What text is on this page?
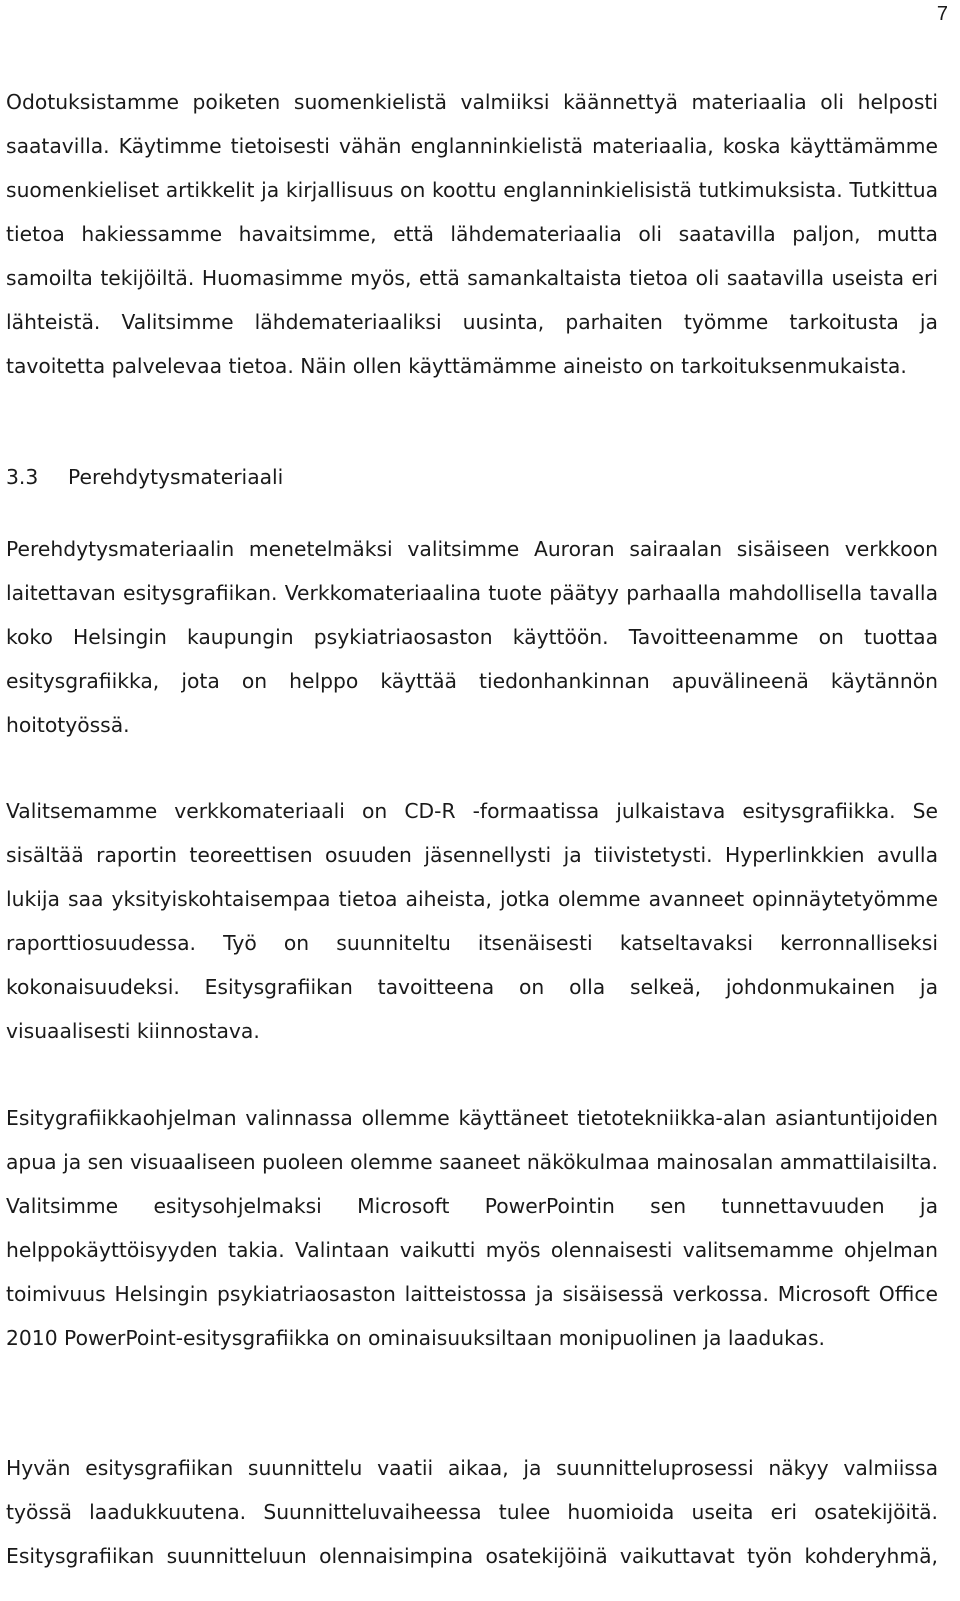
7

Odotuksistamme poiketen suomenkielistä valmiiksi käännettyä materiaalia oli helposti saatavilla. Käytimme tietoisesti vähän englanninkielistä materiaalia, koska käyttämämme suomenkieliset artikkelit ja kirjallisuus on koottu englanninkielisistä tutkimuksista. Tutkittua tietoa hakiessamme havaitsimme, että lähdemateriaalia oli saatavilla paljon, mutta samoilta tekijöiltä. Huomasimme myös, että samankaltaista tietoa oli saatavilla useista eri lähteistä. Valitsimme lähdemateriaaliksi uusinta, parhaiten työmme tarkoitusta ja tavoitetta palvelevaa tietoa. Näin ollen käyttämämme aineisto on tarkoituksenmukaista.

3.3 Perehdytysmateriaali

Perehdytysmateriaalin menetelmäksi valitsimme Auroran sairaalan sisäiseen verkkoon laitettavan esitysgrafiikan. Verkkomateriaalina tuote päätyy parhaalla mahdollisella tavalla koko Helsingin kaupungin psykiatriaosaston käyttöön. Tavoitteenamme on tuottaa esitysgrafiikka, jota on helppo käyttää tiedonhankinnan apuvälineenä käytännön hoitotyössä.

Valitsemamme verkkomateriaali on CD-R -formaatissa julkaistava esitysgrafiikka. Se sisältää raportin teoreettisen osuuden jäsennellysti ja tiivistetysti. Hyperlinkkien avulla lukija saa yksityiskohtaisempaa tietoa aiheista, jotka olemme avanneet opinnäytetyömme raporttiosuudessa. Työ on suunniteltu itsenäisesti katseltavaksi kerronnalliseksi kokonaisuudeksi. Esitysgrafiikan tavoitteena on olla selkeä, johdonmukainen ja visuaalisesti kiinnostava.

Esitygrafiikkaohjelman valinnassa ollemme käyttäneet tietotekniikka-alan asiantuntijoiden apua ja sen visuaaliseen puoleen olemme saaneet näkökulmaa mainosalan ammattilaisilta. Valitsimme esitysohjelmaksi Microsoft PowerPointin sen tunnettavuuden ja helppokäyttöisyyden takia. Valintaan vaikutti myös olennaisesti valitsemamme ohjelman toimivuus Helsingin psykiatriaosaston laitteistossa ja sisäisessä verkossa. Microsoft Office 2010 PowerPoint-esitysgrafiikka on ominaisuuksiltaan monipuolinen ja laadukas.

Hyvän esitysgrafiikan suunnittelu vaatii aikaa, ja suunnitteluprosessi näkyy valmiissa työssä laadukkuutena. Suunnitteluvaiheessa tulee huomioida useita eri osatekijöitä. Esitysgrafiikan suunnitteluun olennaisimpina osatekijöinä vaikuttavat työn kohderyhmä,
